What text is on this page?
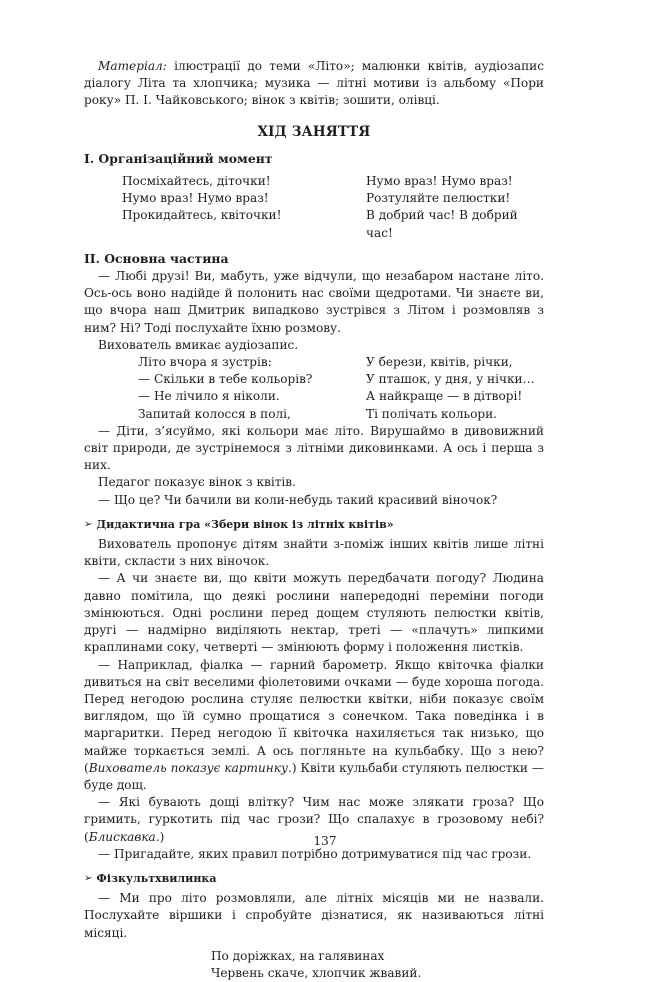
Матеріал: ілюстрації до теми «Літо»; малюнки квітів, аудіозапис діалогу Літа та хлопчика; музика — літні мотиви із альбому «Пори року» П. І. Чайковського; вінок з квітів; зошити, олівці.

ХІД ЗАНЯТТЯ
I. Організаційний момент
Посміхайтесь, діточки!
Нумо враз! Нумо враз!
Прокидайтесь, квіточки!
Нумо враз! Нумо враз!
Розтуляйте пелюстки!
В добрий час! В добрий час!
II. Основна частина

— Любі друзі! Ви, мабуть, уже відчули, що незабаром настане літо. Ось-ось воно надійде й полонить нас своїми щедротами. Чи знаєте ви, що вчора наш Дмитрик випадково зустрівся з Літом і розмовляв з ним? Ні? Тоді послухайте їхню розмову.

Вихователь вмикає аудіозапис.

Літо вчора я зустрів:
— Скільки в тебе кольорів?
— Не лічило я ніколи.
Запитай колосся в полі,
У берези, квітів, річки,
У пташок, у дня, у нічки…
А найкраще — в дітворі!
Ті полічать кольори.

— Діти, з’ясуймо, які кольори має літо. Вирушаймо в дивовижний світ природи, де зустрінемося з літніми диковинками. А ось і перша з них.

Педагог показує вінок з квітів.

— Що це? Чи бачили ви коли-небудь такий красивий віночок?

➢ Дидактична гра «Збери вінок із літніх квітів»

Вихователь пропонує дітям знайти з-поміж інших квітів лише літні квіти, скласти з них віночок.

— А чи знаєте ви, що квіти можуть передбачати погоду? Людина давно помітила, що деякі рослини напередодні переміни погоди змінюються. Одні рослини перед дощем стуляють пелюстки квітів, другі — надмірно виділяють нектар, треті — «плачуть» липкими краплинами соку, четверті — змінюють форму і положення листків.

— Наприклад, фіалка — гарний барометр. Якщо квіточка фіалки дивиться на світ веселими фіолетовими очками — буде хороша погода. Перед негодою рослина стуляє пелюстки квітки, ніби показує своїм виглядом, що їй сумно прощатися з сонечком. Така поведінка і в маргаритки. Перед негодою її квіточка нахиляється так низько, що майже торкається землі. А ось погляньте на кульбабку. Що з нею? (Вихователь показує картинку.) Квіти кульбаби стуляють пелюстки — буде дощ.

— Які бувають дощі влітку? Чим нас може злякати гроза? Що гримить, гуркотить під час грози? Що спалахує в грозовому небі? (Блискавка.)

— Пригадайте, яких правил потрібно дотримуватися під час грози.

➢ Фізкультхвилинка

— Ми про літо розмовляли, але літніх місяців ми не назвали. Послухайте віршики і спробуйте дізнатися, як називаються літні місяці.

По доріжках, на галявинах
Червень скаче, хлопчик жвавий.
137
